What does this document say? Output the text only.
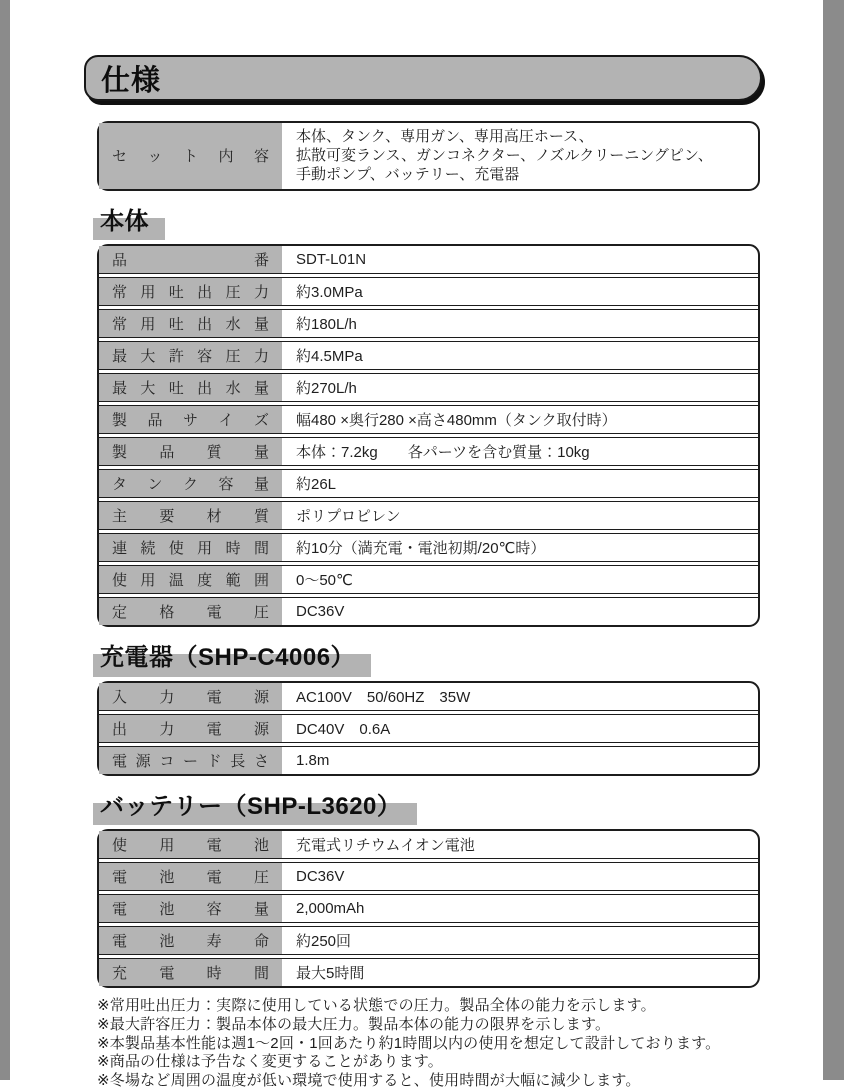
仕様
セ ッ ト 内 容
本体、タンク、専用ガン、専用高圧ホース、
拡散可変ランス、ガンコネクター、ノズルクリーニングピン、
手動ポンプ、バッテリー、充電器
本体
品	番	SDT-L01N
常 用 吐 出 圧 力	約3.0MPa
常 用 吐 出 水 量	約180L/h
最 大 許 容 圧 力	約4.5MPa
最 大 吐 出 水 量	約270L/h
製 品 サ イ ズ	幅480 ×奥行280 ×高さ480mm（タンク取付時）
製 品 質 量	本体：7.2kg　　各パーツを含む質量：10kg
タ ン ク 容 量	約26L
主 要 材 質	ポリプロピレン
連 続 使 用 時 間	約10分（満充電・電池初期/20℃時）
使 用 温 度 範 囲	0～50℃
定 格 電 圧	DC36V
充電器（SHP-C4006）
入 力 電 源	AC100V　50/60HZ　35W
出 力 電 源	DC40V　0.6A
電 源 コ ー ド 長 さ	1.8m
バッテリー（SHP-L3620）
使 用 電 池	充電式リチウムイオン電池
電 池 電 圧	DC36V
電 池 容 量	2,000mAh
電 池 寿 命	約250回
充 電 時 間	最大5時間
※常用吐出圧力：実際に使用している状態での圧力。製品全体の能力を示します。
※最大許容圧力：製品本体の最大圧力。製品本体の能力の限界を示します。
※本製品基本性能は週1～2回・1回あたり約1時間以内の使用を想定して設計しております。
※商品の仕様は予告なく変更することがあります。
※冬場など周囲の温度が低い環境で使用すると、使用時間が大幅に減少します。
